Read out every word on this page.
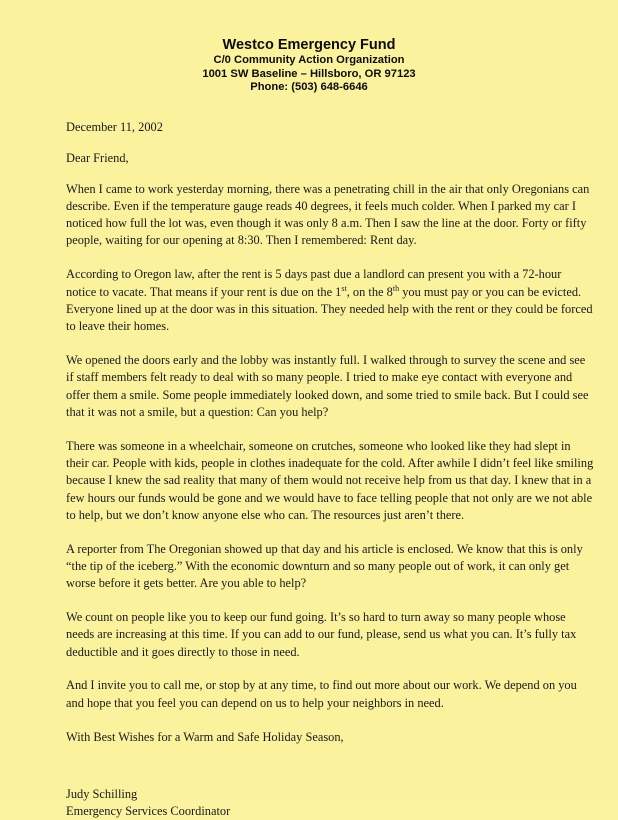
Westco Emergency Fund
C/0 Community Action Organization
1001 SW Baseline – Hillsboro, OR 97123
Phone: (503) 648-6646

December 11, 2002

Dear Friend,

When I came to work yesterday morning, there was a penetrating chill in the air that only Oregonians can describe. Even if the temperature gauge reads 40 degrees, it feels much colder. When I parked my car I noticed how full the lot was, even though it was only 8 a.m. Then I saw the line at the door. Forty or fifty people, waiting for our opening at 8:30. Then I remembered: Rent day.

According to Oregon law, after the rent is 5 days past due a landlord can present you with a 72-hour notice to vacate. That means if your rent is due on the 1st, on the 8th you must pay or you can be evicted. Everyone lined up at the door was in this situation. They needed help with the rent or they could be forced to leave their homes.

We opened the doors early and the lobby was instantly full. I walked through to survey the scene and see if staff members felt ready to deal with so many people. I tried to make eye contact with everyone and offer them a smile. Some people immediately looked down, and some tried to smile back. But I could see that it was not a smile, but a question: Can you help?

There was someone in a wheelchair, someone on crutches, someone who looked like they had slept in their car. People with kids, people in clothes inadequate for the cold. After awhile I didn’t feel like smiling because I knew the sad reality that many of them would not receive help from us that day. I knew that in a few hours our funds would be gone and we would have to face telling people that not only are we not able to help, but we don’t know anyone else who can. The resources just aren’t there.

A reporter from The Oregonian showed up that day and his article is enclosed. We know that this is only “the tip of the iceberg.” With the economic downturn and so many people out of work, it can only get worse before it gets better. Are you able to help?

We count on people like you to keep our fund going. It’s so hard to turn away so many people whose needs are increasing at this time. If you can add to our fund, please, send us what you can. It’s fully tax deductible and it goes directly to those in need.

And I invite you to call me, or stop by at any time, to find out more about our work. We depend on you and hope that you feel you can depend on us to help your neighbors in need.

With Best Wishes for a Warm and Safe Holiday Season,

Judy Schilling

Emergency Services Coordinator
